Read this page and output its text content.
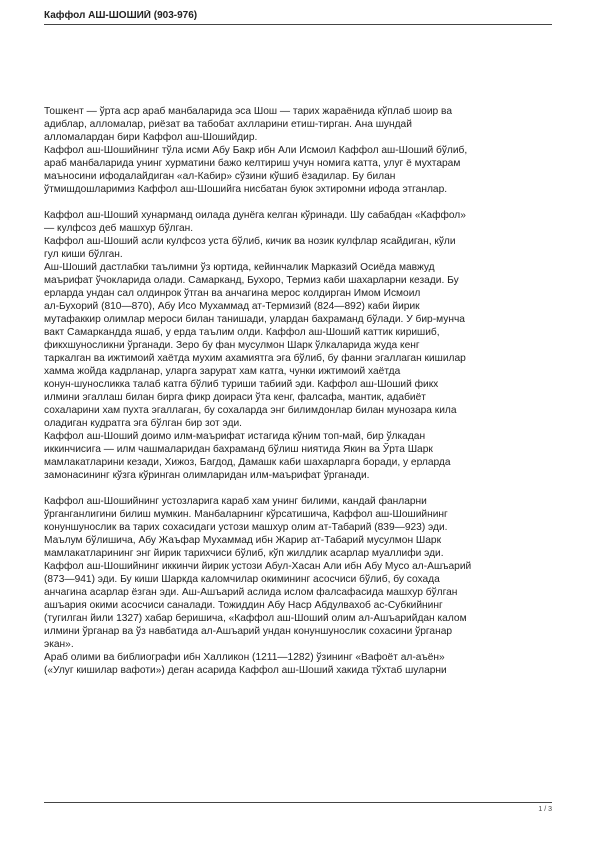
Каффол АШ-ШОШИЙ (903-976)
Тошкент — ўрта аср араб манбаларида эса Шош — тарих жараёнида кўплаб шоир ва
адиблар, алломалар, риёзат ва табобат ахлларини етиш-тирган. Ана шундай
алломалардан бири Каффол аш-Шошийдир.
Каффол аш-Шошийнинг тўла исми Абу Бакр ибн Али Исмоил Каффол аш-Шоший бўлиб,
араб манбаларида унинг хурматини бажо келтириш учун номига катта, улуг ё мухтарам
маъносини ифодалайдиган «ал-Кабир» сўзини кўшиб ёзадилар. Бу билан
ўтмишдошларимиз Каффол аш-Шошийга нисбатан буюк эхтиромни ифода этганлар.
Каффол аш-Шоший хунарманд оилада дунёга келган кўринади. Шу сабабдан «Каффол»
— кулфсоз деб машхур бўлган.
Каффол аш-Шоший асли кулфсоз уста бўлиб, кичик ва нозик кулфлар ясайдиган, кўли
гул киши бўлган.
Аш-Шоший дастлабки таълимни ўз юртида, кейинчалик Марказий Осиёда мавжуд
маърифат ўчокларида олади. Самарканд, Бухоро, Термиз каби шахарларни кезади. Бу
ерларда ундан сал олдинрок ўтган ва анчагина мерос колдирган Имом Исмоил
ал-Бухорий (810—870), Абу Исо Мухаммад ат-Термизий (824—892) каби йирик
мутафаккир олимлар мероси билан танишади, улардан бахраманд бўлади. У бир-мунча
вакт Самаркандда яшаб, у ерда таълим олди. Каффол аш-Шоший каттик киришиб,
фикхшуносликни ўрганади. Зеро бу фан мусулмон Шарк ўлкаларида жуда кенг
таркалган ва ижтимоий хаётда мухим ахамиятга эга бўлиб, бу фанни эгаллаган кишилар
хамма жойда кадрланар, уларга зарурат хам катга, чунки ижтимоий хаётда
конун-шуносликка талаб катга бўлиб туриши табиий эди. Каффол аш-Шоший фикх
илмини эгаллаш билан бирга фикр доираси ўта кенг, фалсафа, мантик, адабиёт
сохаларини хам пухта эгаллаган, бу сохаларда энг билимдонлар билан мунозара кила
оладиган кудратга эга бўлган бир зот эди.
Каффол аш-Шоший доимо илм-маърифат истагида кўним топ-май, бир ўлкадан
иккинчисига — илм чашмаларидан бахраманд бўлиш ниятида Якин ва Ўрта Шарк
мамлакатларини кезади, Хижоз, Багдод, Дамашк каби шахарларга боради, у ерларда
замонасининг кўзга кўринган олимларидан илм-маърифат ўрганади.
Каффол аш-Шошийнинг устозларига караб хам унинг билими, кандай фанларни
ўрганганлигини билиш мумкин. Манбаларнинг кўрсатишича, Каффол аш-Шошийнинг
конуншунослик ва тарих сохасидаги устози машхур олим ат-Табарий (839—923) эди.
Маълум бўлишича, Абу Жаъфар Мухаммад ибн Жарир ат-Табарий мусулмон Шарк
мамлакатларининг энг йирик тарихчиси бўлиб, кўп жилдлик асарлар муаллифи эди.
Каффол аш-Шошийнинг иккинчи йирик устози Абул-Хасан Али ибн Абу Мусо ал-Ашъарий
(873—941) эди. Бу киши Шаркда каломчилар окимининг асосчиси бўлиб, бу сохада
анчагина асарлар ёзган эди. Аш-Ашъарий аслида ислом фалсафасида машхур бўлган
ашъария окими асосчиси саналади. Тожиддин Абу Наср Абдулвахоб ас-Субкийнинг
(тугилган йили 1327) хабар беришича, «Каффол аш-Шоший олим ал-Ашъарийдан калом
илмини ўрганар ва ўз навбатида ал-Ашъарий ундан конуншунослик сохасини ўрганар
экан».
Араб олими ва библиографи ибн Халликон (1211—1282) ўзининг «Вафоёт ал-аъён»
(«Улуг кишилар вафоти») деган асарида Каффол аш-Шоший хакида тўхтаб шуларни
1 / 3
